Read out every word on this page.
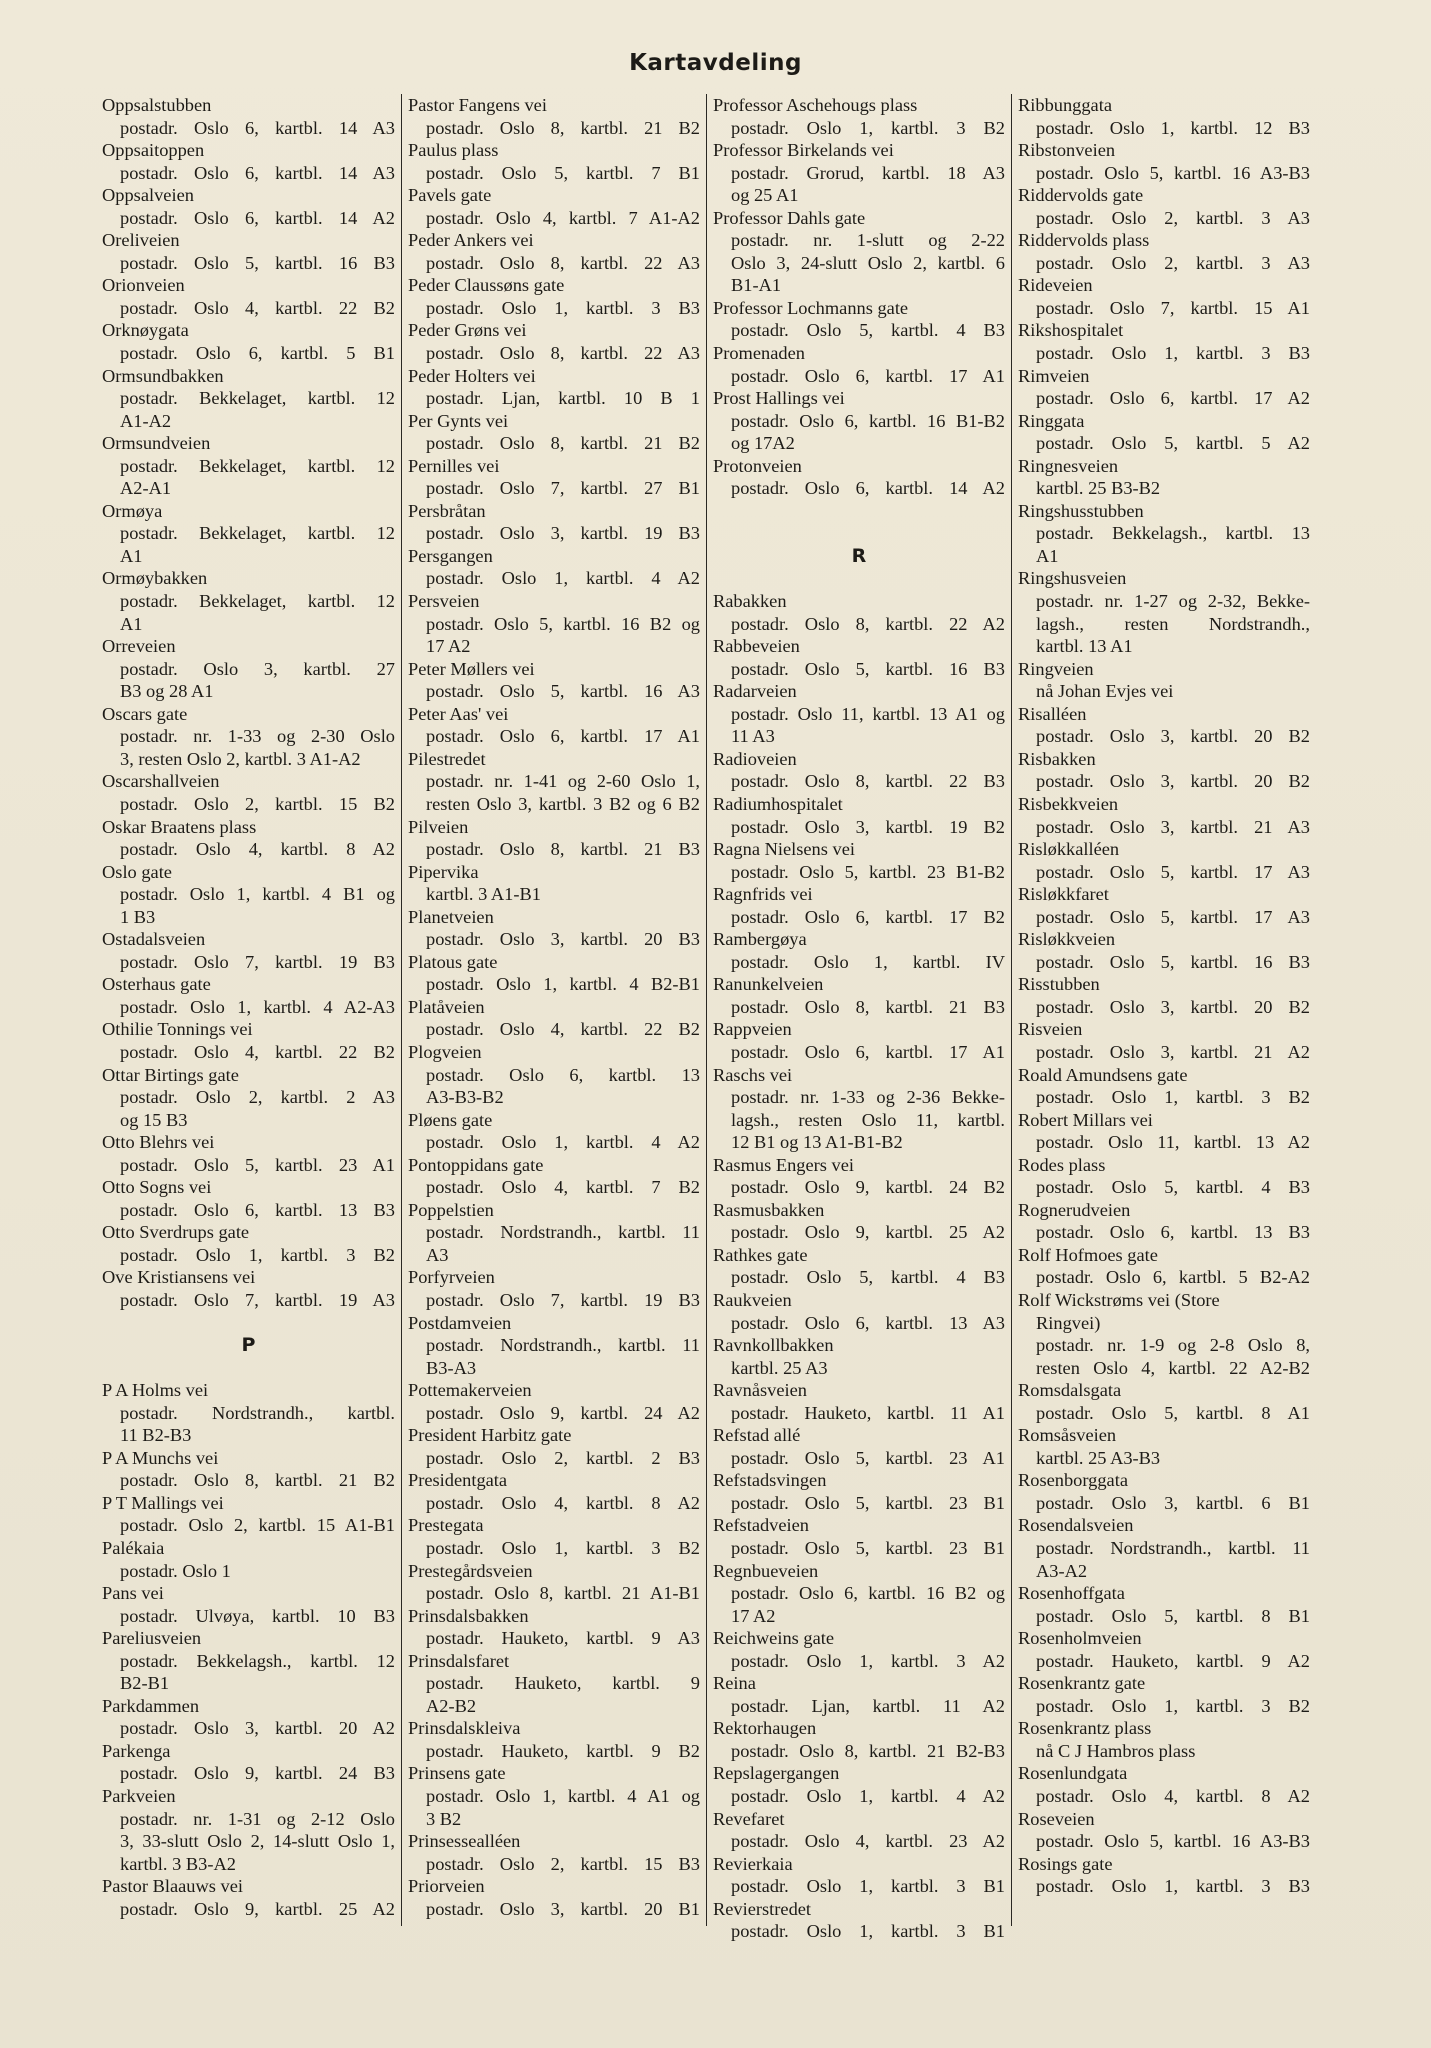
Kartavdeling
Oppsalstubben
postadr. Oslo 6, kartbl. 14 A3
Oppsaitoppen
postadr. Oslo 6, kartbl. 14 A3
Oppsalveien
postadr. Oslo 6, kartbl. 14 A2
Oreliveien
postadr. Oslo 5, kartbl. 16 B3
Orionveien
postadr. Oslo 4, kartbl. 22 B2
Orknøygata
postadr. Oslo 6, kartbl. 5 B1
Ormsundbakken
postadr. Bekkelaget, kartbl. 12
A1-A2
Ormsundveien
postadr. Bekkelaget, kartbl. 12
A2-A1
Ormøya
postadr. Bekkelaget, kartbl. 12
A1
Ormøybakken
postadr. Bekkelaget, kartbl. 12
A1
Orreveien
postadr. Oslo 3, kartbl. 27
B3 og 28 A1
Oscars gate
postadr. nr. 1-33 og 2-30 Oslo
3, resten Oslo 2, kartbl. 3 A1-A2
Oscarshallveien
postadr. Oslo 2, kartbl. 15 B2
Oskar Braatens plass
postadr. Oslo 4, kartbl. 8 A2
Oslo gate
postadr. Oslo 1, kartbl. 4 B1 og
1 B3
Ostadalsveien
postadr. Oslo 7, kartbl. 19 B3
Osterhaus gate
postadr. Oslo 1, kartbl. 4 A2-A3
Othilie Tonnings vei
postadr. Oslo 4, kartbl. 22 B2
Ottar Birtings gate
postadr. Oslo 2, kartbl. 2 A3
og 15 B3
Otto Blehrs vei
postadr. Oslo 5, kartbl. 23 A1
Otto Sogns vei
postadr. Oslo 6, kartbl. 13 B3
Otto Sverdrups gate
postadr. Oslo 1, kartbl. 3 B2
Ove Kristiansens vei
postadr. Oslo 7, kartbl. 19 A3

P

P A Holms vei
postadr. Nordstrandh., kartbl.
11 B2-B3
P A Munchs vei
postadr. Oslo 8, kartbl. 21 B2
P T Mallings vei
postadr. Oslo 2, kartbl. 15 A1-B1
Palékaia
postadr. Oslo 1
Pans vei
postadr. Ulvøya, kartbl. 10 B3
Pareliusveien
postadr. Bekkelagsh., kartbl. 12
B2-B1
Parkdammen
postadr. Oslo 3, kartbl. 20 A2
Parkenga
postadr. Oslo 9, kartbl. 24 B3
Parkveien
postadr. nr. 1-31 og 2-12 Oslo
3, 33-slutt Oslo 2, 14-slutt Oslo 1,
kartbl. 3 B3-A2
Pastor Blaauws vei
postadr. Oslo 9, kartbl. 25 A2
Pastor Fangens vei
postadr. Oslo 8, kartbl. 21 B2
Paulus plass
postadr. Oslo 5, kartbl. 7 B1
Pavels gate
postadr. Oslo 4, kartbl. 7 A1-A2
Peder Ankers vei
postadr. Oslo 8, kartbl. 22 A3
Peder Claussøns gate
postadr. Oslo 1, kartbl. 3 B3
Peder Grøns vei
postadr. Oslo 8, kartbl. 22 A3
Peder Holters vei
postadr. Ljan, kartbl. 10 B 1
Per Gynts vei
postadr. Oslo 8, kartbl. 21 B2
Pernilles vei
postadr. Oslo 7, kartbl. 27 B1
Persbråtan
postadr. Oslo 3, kartbl. 19 B3
Persgangen
postadr. Oslo 1, kartbl. 4 A2
Persveien
postadr. Oslo 5, kartbl. 16 B2 og
17 A2
Peter Møllers vei
postadr. Oslo 5, kartbl. 16 A3
Peter Aas' vei
postadr. Oslo 6, kartbl. 17 A1
Pilestredet
postadr. nr. 1-41 og 2-60 Oslo 1,
resten Oslo 3, kartbl. 3 B2 og 6 B2
Pilveien
postadr. Oslo 8, kartbl. 21 B3
Pipervika
kartbl. 3 A1-B1
Planetveien
postadr. Oslo 3, kartbl. 20 B3
Platous gate
postadr. Oslo 1, kartbl. 4 B2-B1
Platåveien
postadr. Oslo 4, kartbl. 22 B2
Plogveien
postadr. Oslo 6, kartbl. 13
A3-B3-B2
Pløens gate
postadr. Oslo 1, kartbl. 4 A2
Pontoppidans gate
postadr. Oslo 4, kartbl. 7 B2
Poppelstien
postadr. Nordstrandh., kartbl. 11
A3
Porfyrveien
postadr. Oslo 7, kartbl. 19 B3
Postdamveien
postadr. Nordstrandh., kartbl. 11
B3-A3
Pottemakerveien
postadr. Oslo 9, kartbl. 24 A2
President Harbitz gate
postadr. Oslo 2, kartbl. 2 B3
Presidentgata
postadr. Oslo 4, kartbl. 8 A2
Prestegata
postadr. Oslo 1, kartbl. 3 B2
Prestegårdsveien
postadr. Oslo 8, kartbl. 21 A1-B1
Prinsdalsbakken
postadr. Hauketo, kartbl. 9 A3
Prinsdalsfaret
postadr. Hauketo, kartbl. 9
A2-B2
Prinsdalskleiva
postadr. Hauketo, kartbl. 9 B2
Prinsens gate
postadr. Oslo 1, kartbl. 4 A1 og
3 B2
Prinsessealléen
postadr. Oslo 2, kartbl. 15 B3
Priorveien
postadr. Oslo 3, kartbl. 20 B1
Professor Aschehougs plass
postadr. Oslo 1, kartbl. 3 B2
Professor Birkelands vei
postadr. Grorud, kartbl. 18 A3
og 25 A1
Professor Dahls gate
postadr. nr. 1-slutt og 2-22
Oslo 3, 24-slutt Oslo 2, kartbl. 6
B1-A1
Professor Lochmanns gate
postadr. Oslo 5, kartbl. 4 B3
Promenaden
postadr. Oslo 6, kartbl. 17 A1
Prost Hallings vei
postadr. Oslo 6, kartbl. 16 B1-B2
og 17A2
Protonveien
postadr. Oslo 6, kartbl. 14 A2

R

Rabakken
postadr. Oslo 8, kartbl. 22 A2
Rabbeveien
postadr. Oslo 5, kartbl. 16 B3
Radarveien
postadr. Oslo 11, kartbl. 13 A1 og
11 A3
Radioveien
postadr. Oslo 8, kartbl. 22 B3
Radiumhospitalet
postadr. Oslo 3, kartbl. 19 B2
Ragna Nielsens vei
postadr. Oslo 5, kartbl. 23 B1-B2
Ragnfrids vei
postadr. Oslo 6, kartbl. 17 B2
Rambergøya
postadr. Oslo 1, kartbl. IV
Ranunkelveien
postadr. Oslo 8, kartbl. 21 B3
Rappveien
postadr. Oslo 6, kartbl. 17 A1
Raschs vei
postadr. nr. 1-33 og 2-36 Bekke-
lagsh., resten Oslo 11, kartbl.
12 B1 og 13 A1-B1-B2
Rasmus Engers vei
postadr. Oslo 9, kartbl. 24 B2
Rasmusbakken
postadr. Oslo 9, kartbl. 25 A2
Rathkes gate
postadr. Oslo 5, kartbl. 4 B3
Raukveien
postadr. Oslo 6, kartbl. 13 A3
Ravnkollbakken
kartbl. 25 A3
Ravnåsveien
postadr. Hauketo, kartbl. 11 A1
Refstad allé
postadr. Oslo 5, kartbl. 23 A1
Refstadsvingen
postadr. Oslo 5, kartbl. 23 B1
Refstadveien
postadr. Oslo 5, kartbl. 23 B1
Regnbueveien
postadr. Oslo 6, kartbl. 16 B2 og
17 A2
Reichweins gate
postadr. Oslo 1, kartbl. 3 A2
Reina
postadr. Ljan, kartbl. 11 A2
Rektorhaugen
postadr. Oslo 8, kartbl. 21 B2-B3
Repslagergangen
postadr. Oslo 1, kartbl. 4 A2
Revefaret
postadr. Oslo 4, kartbl. 23 A2
Revierkaia
postadr. Oslo 1, kartbl. 3 B1
Revierstredet
postadr. Oslo 1, kartbl. 3 B1
Ribbunggata
postadr. Oslo 1, kartbl. 12 B3
Ribstonveien
postadr. Oslo 5, kartbl. 16 A3-B3
Riddervolds gate
postadr. Oslo 2, kartbl. 3 A3
Riddervolds plass
postadr. Oslo 2, kartbl. 3 A3
Rideveien
postadr. Oslo 7, kartbl. 15 A1
Rikshospitalet
postadr. Oslo 1, kartbl. 3 B3
Rimveien
postadr. Oslo 6, kartbl. 17 A2
Ringgata
postadr. Oslo 5, kartbl. 5 A2
Ringnesveien
kartbl. 25 B3-B2
Ringshusstubben
postadr. Bekkelagsh., kartbl. 13
A1
Ringshusveien
postadr. nr. 1-27 og 2-32, Bekke-
lagsh., resten Nordstrandh.,
kartbl. 13 A1
Ringveien
nå Johan Evjes vei
Risalléen
postadr. Oslo 3, kartbl. 20 B2
Risbakken
postadr. Oslo 3, kartbl. 20 B2
Risbekkveien
postadr. Oslo 3, kartbl. 21 A3
Risløkkalléen
postadr. Oslo 5, kartbl. 17 A3
Risløkkfaret
postadr. Oslo 5, kartbl. 17 A3
Risløkkveien
postadr. Oslo 5, kartbl. 16 B3
Risstubben
postadr. Oslo 3, kartbl. 20 B2
Risveien
postadr. Oslo 3, kartbl. 21 A2
Roald Amundsens gate
postadr. Oslo 1, kartbl. 3 B2
Robert Millars vei
postadr. Oslo 11, kartbl. 13 A2
Rodes plass
postadr. Oslo 5, kartbl. 4 B3
Rognerudveien
postadr. Oslo 6, kartbl. 13 B3
Rolf Hofmoes gate
postadr. Oslo 6, kartbl. 5 B2-A2
Rolf Wickstrøms vei (Store
Ringvei)
postadr. nr. 1-9 og 2-8 Oslo 8,
resten Oslo 4, kartbl. 22 A2-B2
Romsdalsgata
postadr. Oslo 5, kartbl. 8 A1
Romsåsveien
kartbl. 25 A3-B3
Rosenborggata
postadr. Oslo 3, kartbl. 6 B1
Rosendalsveien
postadr. Nordstrandh., kartbl. 11
A3-A2
Rosenhoffgata
postadr. Oslo 5, kartbl. 8 B1
Rosenholmveien
postadr. Hauketo, kartbl. 9 A2
Rosenkrantz gate
postadr. Oslo 1, kartbl. 3 B2
Rosenkrantz plass
nå C J Hambros plass
Rosenlundgata
postadr. Oslo 4, kartbl. 8 A2
Roseveien
postadr. Oslo 5, kartbl. 16 A3-B3
Rosings gate
postadr. Oslo 1, kartbl. 3 B3
